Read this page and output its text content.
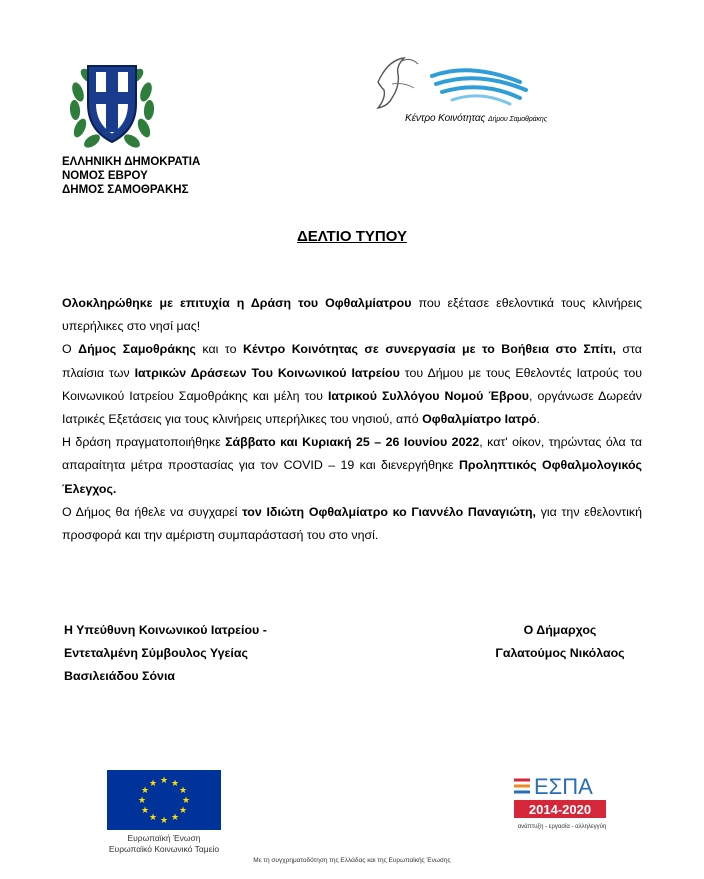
Κέντρο Κοινότητας Δήμου Σαμοθράκης
ΕΛΛΗΝΙΚΗ ΔΗΜΟΚΡΑΤΙΑ
ΝΟΜΟΣ ΕΒΡΟΥ
ΔΗΜΟΣ ΣΑΜΟΘΡΑΚΗΣ
ΔΕΛΤΙΟ ΤΥΠΟΥ

Ολοκληρώθηκε με επιτυχία η Δράση του Οφθαλμίατρου που εξέτασε εθελοντικά τους κλινήρεις υπερήλικες στο νησί μας!

Ο Δήμος Σαμοθράκης και το Κέντρο Κοινότητας σε συνεργασία με το Βοήθεια στο Σπίτι, στα πλαίσια των Ιατρικών Δράσεων Του Κοινωνικού Ιατρείου του Δήμου με τους Εθελοντές Ιατρούς του Κοινωνικού Ιατρείου Σαμοθράκης και μέλη του Ιατρικού Συλλόγου Νομού Έβρου, οργάνωσε Δωρεάν Ιατρικές Εξετάσεις για τους κλινήρεις υπερήλικες του νησιού, από Οφθαλμίατρο Ιατρό.

Η δράση πραγματοποιήθηκε Σάββατο και Κυριακή 25 – 26 Ιουνίου 2022, κατ' οίκον, τηρώντας όλα τα απαραίτητα μέτρα προστασίας για τον COVID – 19 και διενεργήθηκε Προληπτικός Οφθαλμολογικός Έλεγχος.

Ο Δήμος θα ήθελε να συγχαρεί τον Ιδιώτη Οφθαλμίατρο κο Γιαννέλο Παναγιώτη, για την εθελοντική προσφορά και την αμέριστη συμπαράστασή του στο νησί.

Η Υπεύθυνη Κοινωνικού Ιατρείου -
Εντεταλμένη Σύμβουλος Υγείας
Βασιλειάδου Σόνια
Ο Δήμαρχος
Γαλατούμος Νικόλαος
★ ★
★
★
★
★
★
★
★
★
★
★
Ευρωπαϊκή Ένωση
Ευρωπαϊκό Κοινωνικό Ταμείο
ΕΣΠΑ
2014-2020
ανάπτυξη - εργασία - αλληλεγγύη
Με τη συγχρηματοδότηση της Ελλάδας και της Ευρωπαϊκής Ένωσης
